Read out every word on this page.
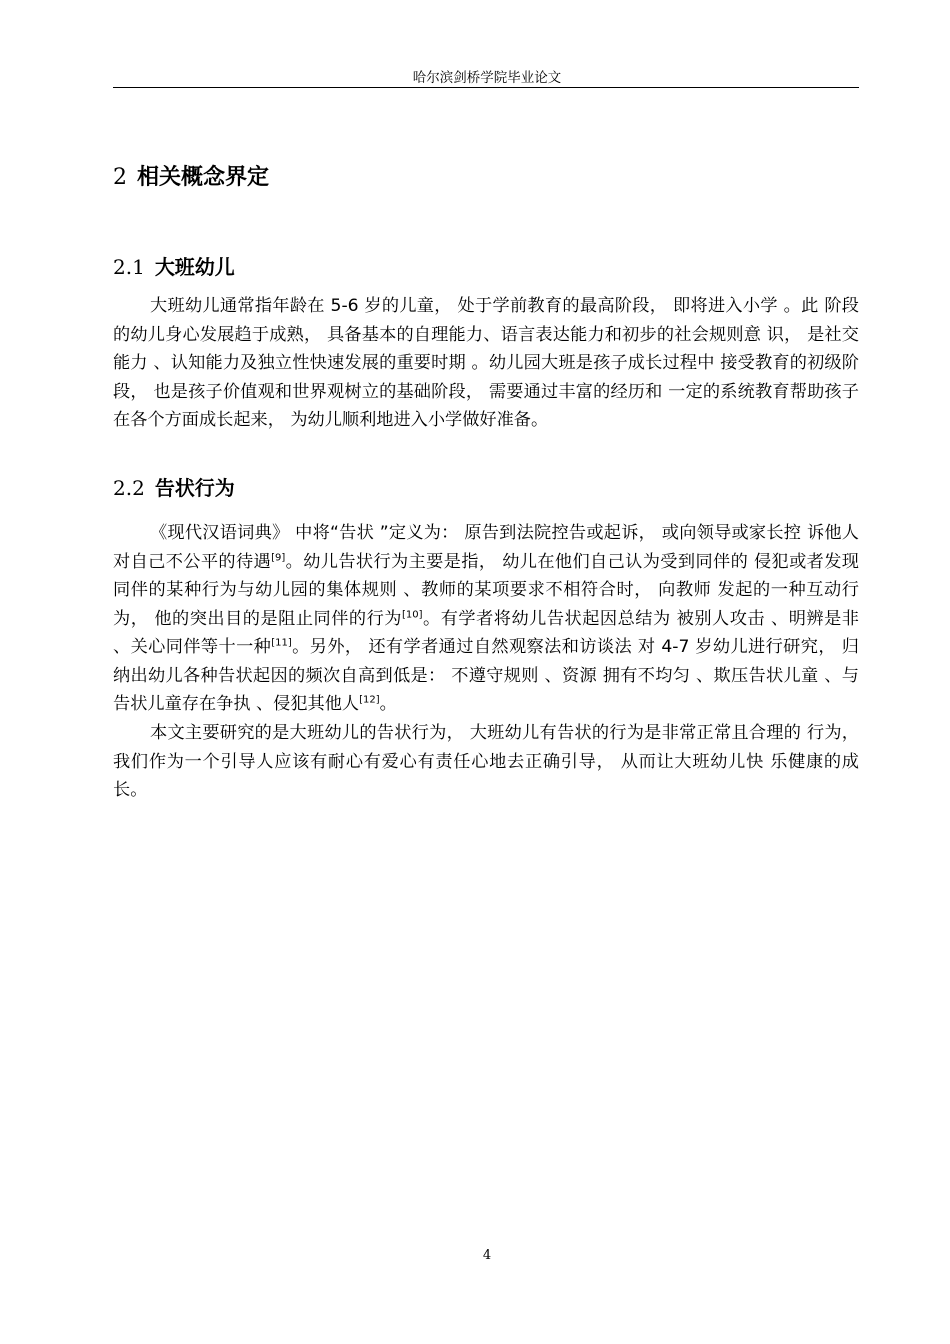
哈尔滨剑桥学院毕业论文
2 相关概念界定
2.1 大班幼儿

大班幼儿通常指年龄在 5-6 岁的儿童， 处于学前教育的最高阶段， 即将进入小学 。此 阶段的幼儿身心发展趋于成熟， 具备基本的自理能力、语言表达能力和初步的社会规则意 识， 是社交能力 、认知能力及独立性快速发展的重要时期 。幼儿园大班是孩子成长过程中 接受教育的初级阶段， 也是孩子价值观和世界观树立的基础阶段， 需要通过丰富的经历和 一定的系统教育帮助孩子在各个方面成长起来， 为幼儿顺利地进入小学做好准备。

2.2 告状行为

《现代汉语词典》 中将“告状 ”定义为： 原告到法院控告或起诉， 或向领导或家长控 诉他人对自己不公平的待遇[9]。幼儿告状行为主要是指， 幼儿在他们自己认为受到同伴的 侵犯或者发现同伴的某种行为与幼儿园的集体规则 、教师的某项要求不相符合时， 向教师 发起的一种互动行为， 他的突出目的是阻止同伴的行为[10]。有学者将幼儿告状起因总结为 被别人攻击 、明辨是非 、关心同伴等十一种[11]。另外， 还有学者通过自然观察法和访谈法 对 4-7 岁幼儿进行研究， 归纳出幼儿各种告状起因的频次自高到低是： 不遵守规则 、资源 拥有不均匀 、欺压告状儿童 、与告状儿童存在争执 、侵犯其他人[12]。

本文主要研究的是大班幼儿的告状行为， 大班幼儿有告状的行为是非常正常且合理的 行为， 我们作为一个引导人应该有耐心有爱心有责任心地去正确引导， 从而让大班幼儿快 乐健康的成长。

4
